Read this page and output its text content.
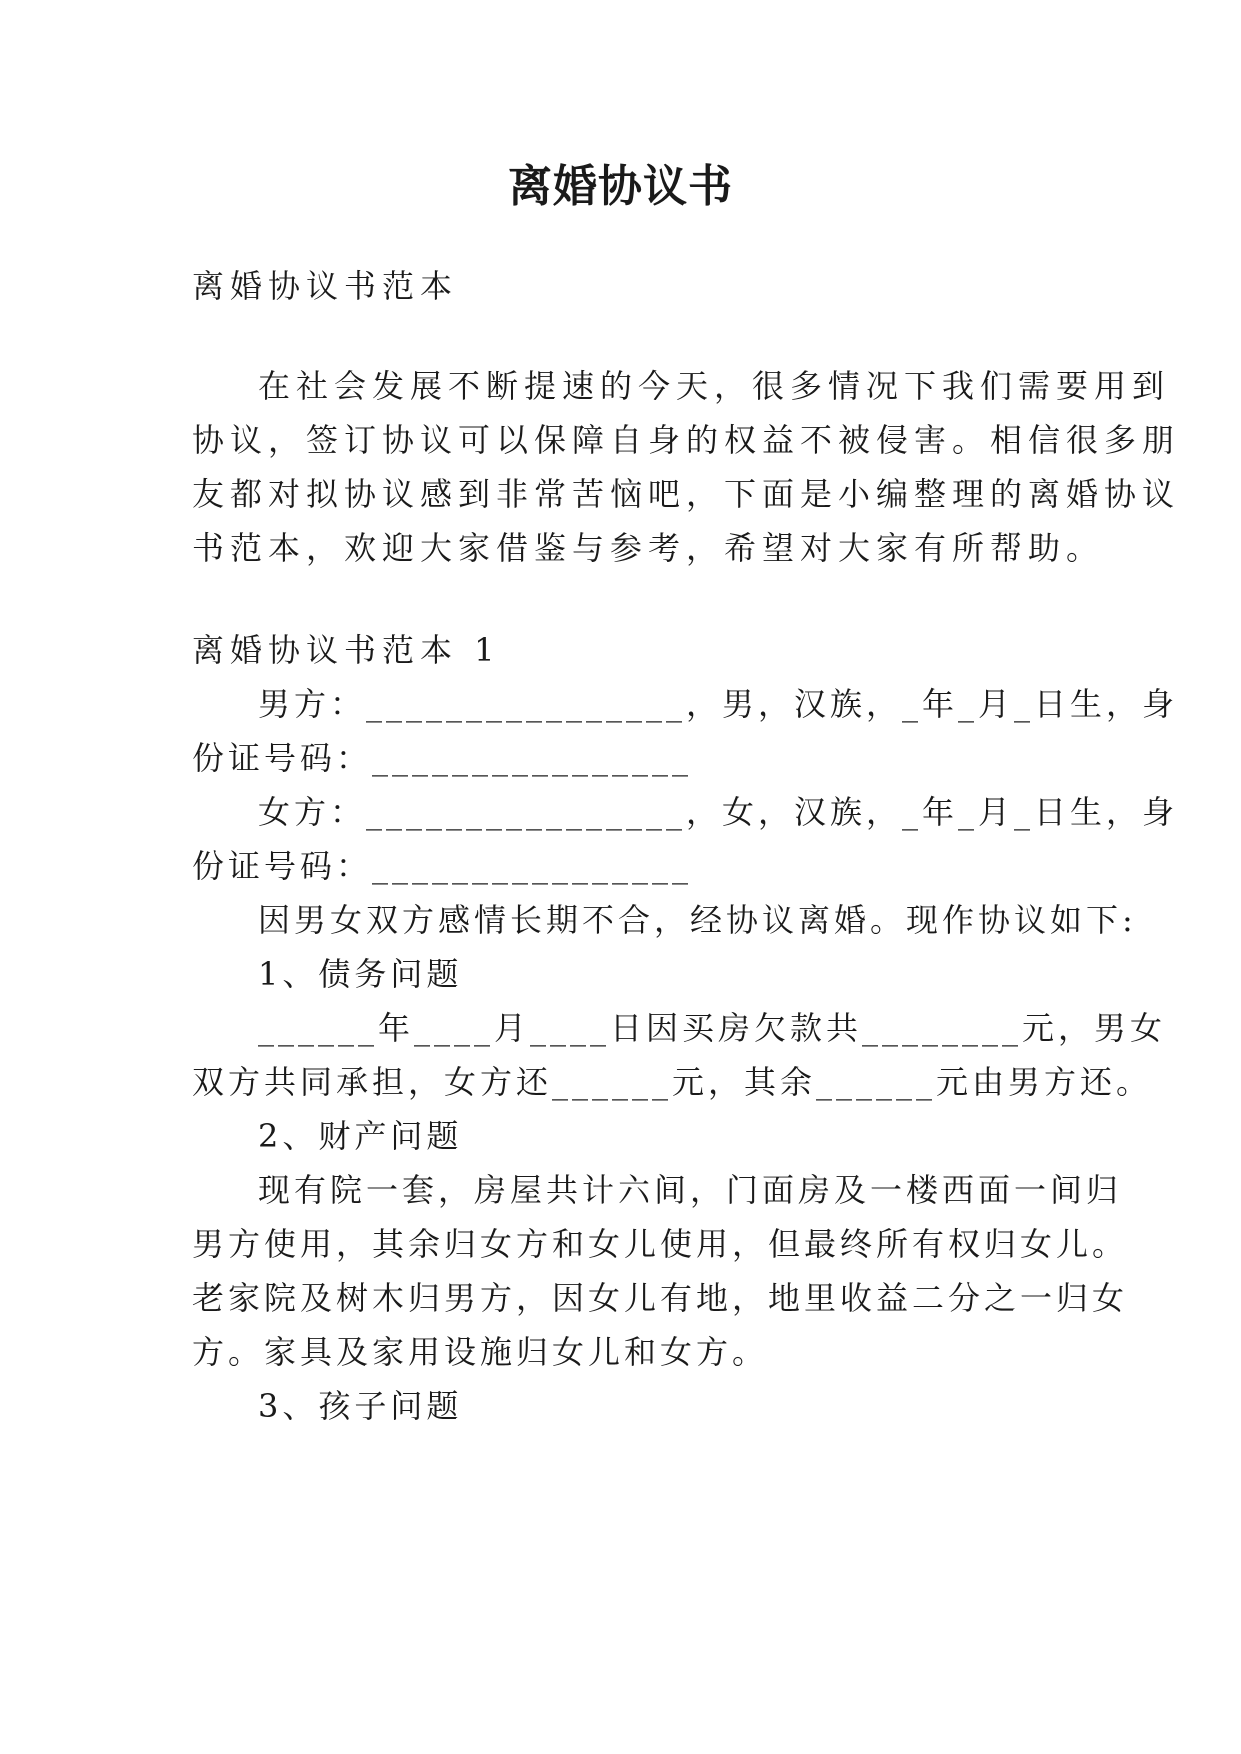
离婚协议书
离婚协议书范本
在社会发展不断提速的今天，很多情况下我们需要用到
协议，签订协议可以保障自身的权益不被侵害。相信很多朋
友都对拟协议感到非常苦恼吧，下面是小编整理的离婚协议
书范本，欢迎大家借鉴与参考，希望对大家有所帮助。
离婚协议书范本 1
男方：________________，男，汉族，_年_月_日生，身
份证号码：________________
女方：________________，女，汉族，_年_月_日生，身
份证号码：________________
因男女双方感情长期不合，经协议离婚。现作协议如下:
1、债务问题
______年____月____日因买房欠款共________元，男女
双方共同承担，女方还______元，其余______元由男方还。
2、财产问题
现有院一套，房屋共计六间，门面房及一楼西面一间归
男方使用，其余归女方和女儿使用，但最终所有权归女儿。
老家院及树木归男方，因女儿有地，地里收益二分之一归女
方。家具及家用设施归女儿和女方。
3、孩子问题
